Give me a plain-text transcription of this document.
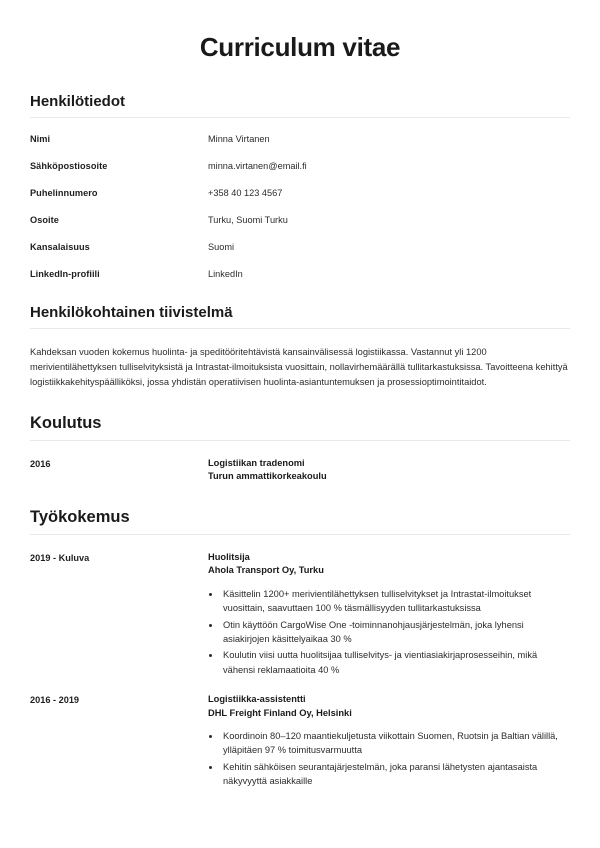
Curriculum vitae
Henkilötiedot
Nimi	Minna Virtanen
Sähköpostiosoite	minna.virtanen@email.fi
Puhelinnumero	+358 40 123 4567
Osoite	Turku, Suomi Turku
Kansalaisuus	Suomi
LinkedIn-profiili	LinkedIn
Henkilökohtainen tiivistelmä

Kahdeksan vuoden kokemus huolinta- ja speditööritehtävistä kansainvälisessä logistiikassa. Vastannut yli 1200 merivientilähettyksen tulliselvityksistä ja Intrastat-ilmoituksista vuosittain, nollavirhemäärällä tullitarkastuksissa. Tavoitteena kehittyä logistiikkakehityspäälliköksi, jossa yhdistän operatiivisen huolinta-asiantuntemuksen ja prosessioptimointitaidot.

Koulutus
2016	Logistiikan tradenomi
Turun ammattikorkeakoulu
Työkokemus
2019 - Kuluva	Huolitsija
Ahola Transport Oy, Turku
• Käsittelin 1200+ merivientilähettyksen tulliselvitykset ja Intrastat-ilmoitukset vuosittain, saavuttaen 100 % täsmällisyyden tullitarkastuksissa
• Otin käyttöön CargoWise One -toiminnanohjausjärjestelmän, joka lyhensi asiakirjojen käsittelyaikaa 30 %
• Koulutin viisi uutta huolitsijaa tulliselvitys- ja vientiasiakirjaprosesseihin, mikä vähensi reklamaatioita 40 %
2016 - 2019	Logistiikka-assistentti
DHL Freight Finland Oy, Helsinki
• Koordinoin 80–120 maantiekuljetusta viikottain Suomen, Ruotsin ja Baltian välillä, ylläpitäen 97 % toimitusvarmuutta
• Kehitin sähköisen seurantajärjestelmän, joka paransi lähetysten ajantasaista näkyvyyttä asiakkaille
